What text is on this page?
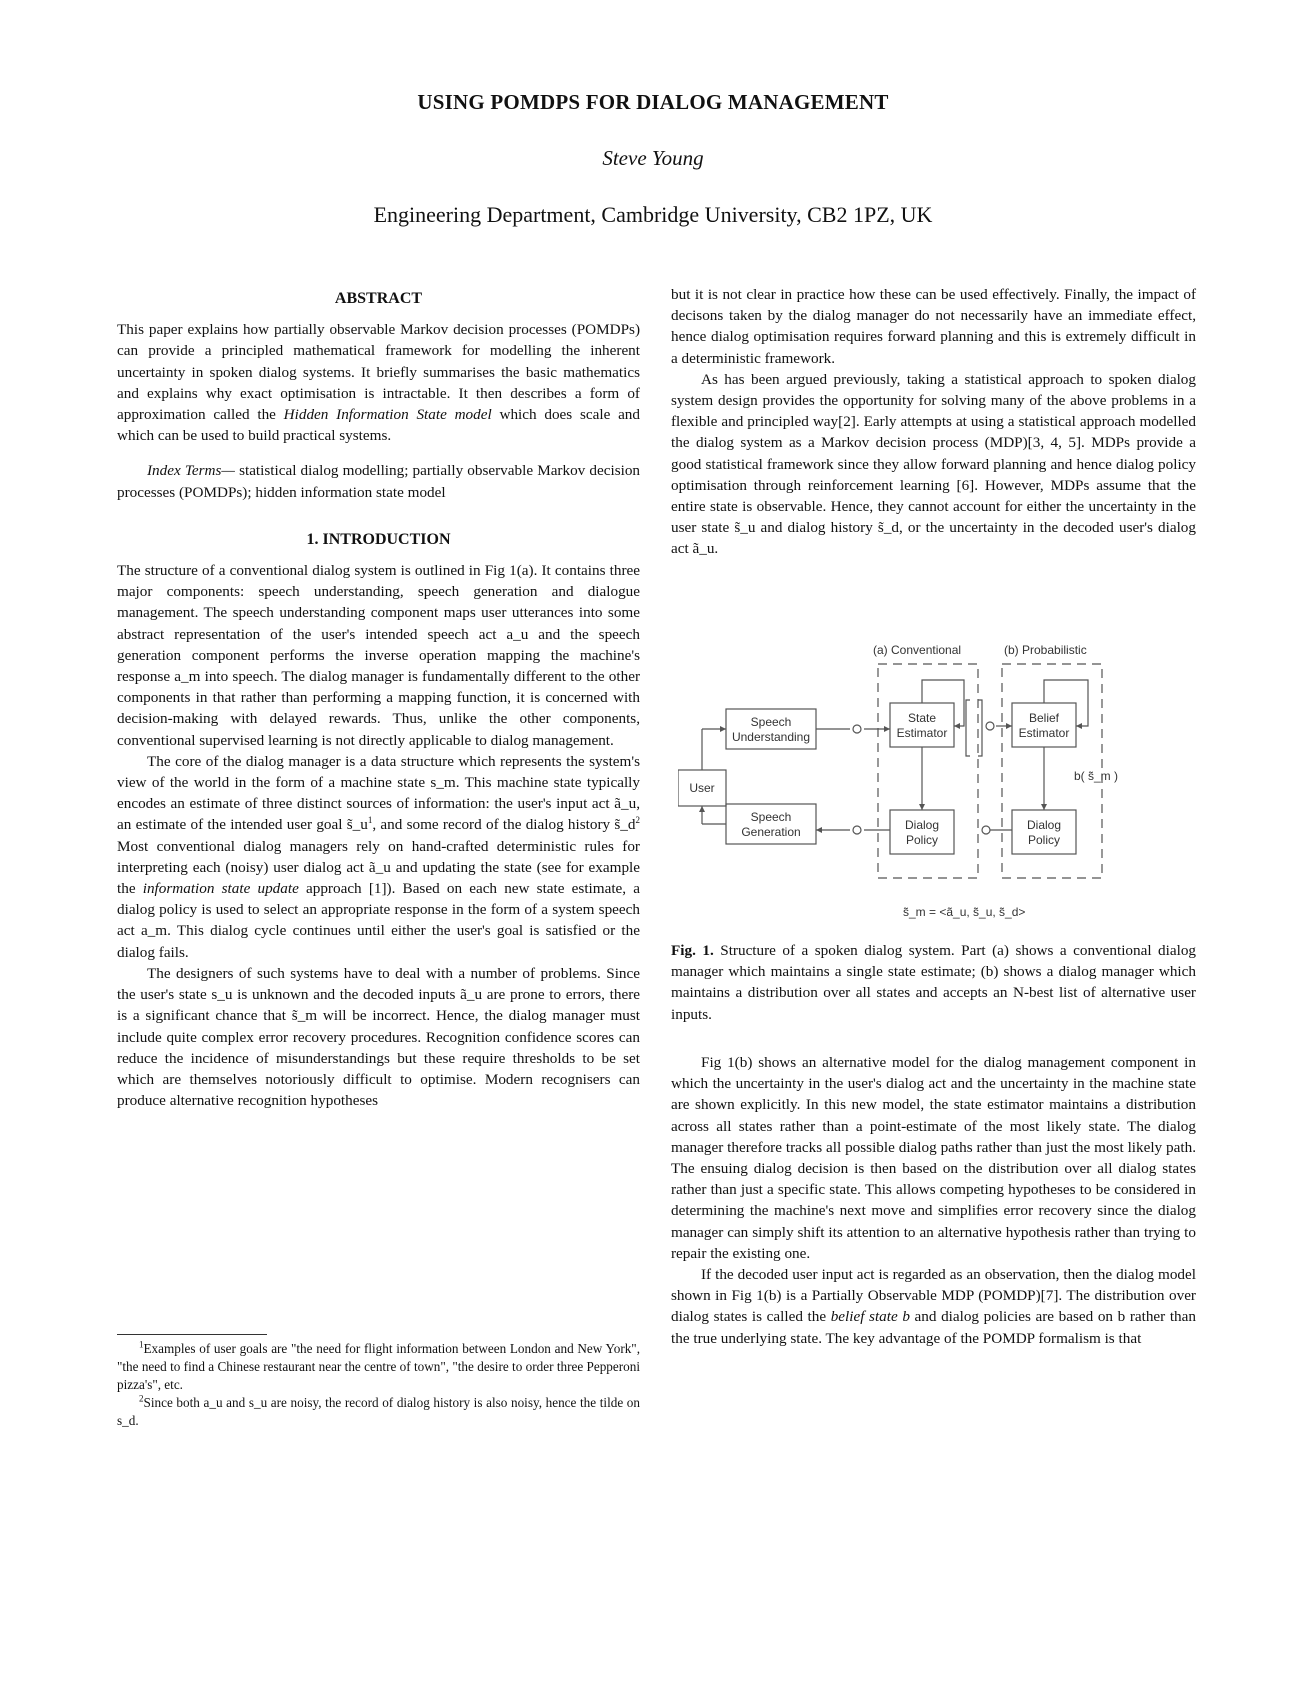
USING POMDPS FOR DIALOG MANAGEMENT
Steve Young
Engineering Department, Cambridge University, CB2 1PZ, UK
ABSTRACT

This paper explains how partially observable Markov decision processes (POMDPs) can provide a principled mathematical framework for modelling the inherent uncertainty in spoken dialog systems. It briefly summarises the basic mathematics and explains why exact optimisation is intractable. It then describes a form of approximation called the Hidden Information State model which does scale and which can be used to build practical systems.

Index Terms— statistical dialog modelling; partially observable Markov decision processes (POMDPs); hidden information state model

1. INTRODUCTION

The structure of a conventional dialog system is outlined in Fig 1(a). It contains three major components: speech understanding, speech generation and dialogue management. The speech understanding component maps user utterances into some abstract representation of the user's intended speech act a_u and the speech generation component performs the inverse operation mapping the machine's response a_m into speech. The dialog manager is fundamentally different to the other components in that rather than performing a mapping function, it is concerned with decision-making with delayed rewards. Thus, unlike the other components, conventional supervised learning is not directly applicable to dialog management.

The core of the dialog manager is a data structure which represents the system's view of the world in the form of a machine state s_m. This machine state typically encodes an estimate of three distinct sources of information: the user's input act ã_u, an estimate of the intended user goal $s̃\_u^1$, and some record of the dialog history $s̃\_d^2$ Most conventional dialog managers rely on hand-crafted deterministic rules for interpreting each (noisy) user dialog act ã_u and updating the state (see for example the information state update approach [1]). Based on each new state estimate, a dialog policy is used to select an appropriate response in the form of a system speech act a_m. This dialog cycle continues until either the user's goal is satisfied or the dialog fails.

The designers of such systems have to deal with a number of problems. Since the user's state s_u is unknown and the decoded inputs ã_u are prone to errors, there is a significant chance that s̃_m will be incorrect. Hence, the dialog manager must include quite complex error recovery procedures. Recognition confidence scores can reduce the incidence of misunderstandings but these require thresholds to be set which are themselves notoriously difficult to optimise. Modern recognisers can produce alternative recognition hypotheses

$^1$Examples of user goals are "the need for flight information between London and New York", "the need to find a Chinese restaurant near the centre of town", "the desire to order three Pepperoni pizza's", etc.

$^2$Since both a_u and s_u are noisy, the record of dialog history is also noisy, hence the tilde on s_d.

but it is not clear in practice how these can be used effectively. Finally, the impact of decisons taken by the dialog manager do not necessarily have an immediate effect, hence dialog optimisation requires forward planning and this is extremely difficult in a deterministic framework.

As has been argued previously, taking a statistical approach to spoken dialog system design provides the opportunity for solving many of the above problems in a flexible and principled way[2]. Early attempts at using a statistical approach modelled the dialog system as a Markov decision process (MDP)[3, 4, 5]. MDPs provide a good statistical framework since they allow forward planning and hence dialog policy optimisation through reinforcement learning [6]. However, MDPs assume that the entire state is observable. Hence, they cannot account for either the uncertainty in the user state s̃_u and dialog history s̃_d, or the uncertainty in the decoded user's dialog act ã_u.

(a) Conventional	(b) Probabilistic
Speech
Understanding
Speech
Generation
User
State
Estimator
Dialog
Policy
Belief
Estimator
Dialog
Policy
b( s̃_m )
s̃_m = <ã_u, s̃_u, s̃_d>
Fig. 1. Structure of a spoken dialog system. Part (a) shows a conventional dialog manager which maintains a single state estimate; (b) shows a dialog manager which maintains a distribution over all states and accepts an N-best list of alternative user inputs.

Fig 1(b) shows an alternative model for the dialog management component in which the uncertainty in the user's dialog act and the uncertainty in the machine state are shown explicitly. In this new model, the state estimator maintains a distribution across all states rather than a point-estimate of the most likely state. The dialog manager therefore tracks all possible dialog paths rather than just the most likely path. The ensuing dialog decision is then based on the distribution over all dialog states rather than just a specific state. This allows competing hypotheses to be considered in determining the machine's next move and simplifies error recovery since the dialog manager can simply shift its attention to an alternative hypothesis rather than trying to repair the existing one.

If the decoded user input act is regarded as an observation, then the dialog model shown in Fig 1(b) is a Partially Observable MDP (POMDP)[7]. The distribution over dialog states is called the belief state b and dialog policies are based on b rather than the true underlying state. The key advantage of the POMDP formalism is that
